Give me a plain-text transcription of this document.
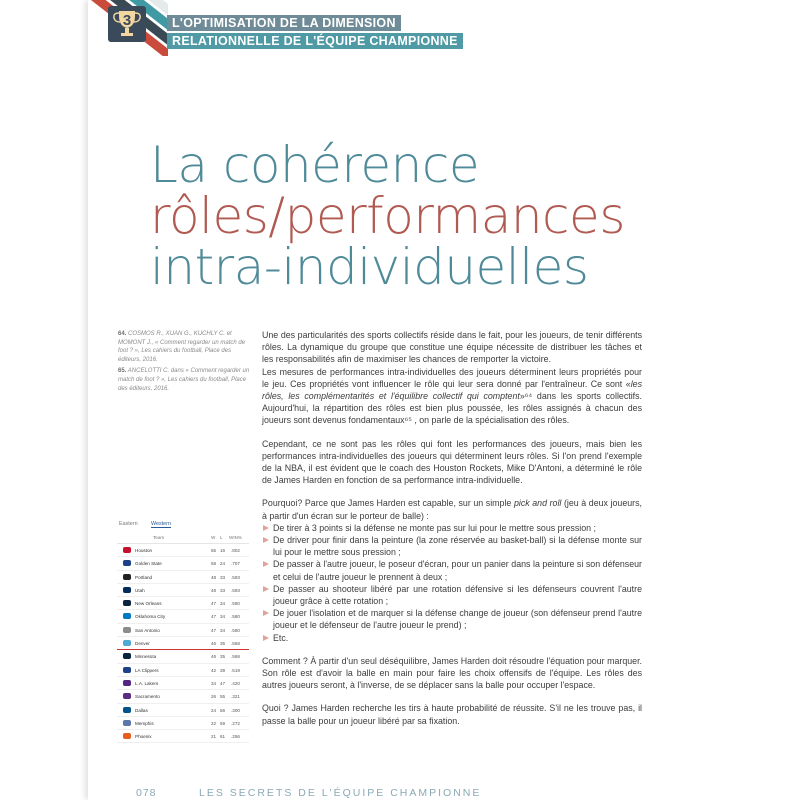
3	L'OPTIMISATION DE LA DIMENSION
RELATIONNELLE DE L'ÉQUIPE CHAMPIONNE
La cohérence
rôles/performances
intra-individuelles

64. COSMOS R., XUAN G., KUCHLY C. et MOMONT J., « Comment regarder un match de foot ? », Les cahiers du football, Place des éditeurs, 2016.

65. ANCELOTTI C. dans « Comment regarder un match de foot ? », Les cahiers du football, Place des éditeurs, 2016.

Une des particularités des sports collectifs réside dans le fait, pour les joueurs, de tenir différents rôles. La dynamique du groupe que constitue une équipe nécessite de distribuer les tâches et les responsabilités afin de maximiser les chances de remporter la victoire.

Les mesures de performances intra-individuelles des joueurs déterminent leurs propriétés pour le jeu. Ces propriétés vont influencer le rôle qui leur sera donné par l'entraîneur. Ce sont «les rôles, les complémentarités et l'équilibre collectif qui comptent»⁶⁴ dans les sports collectifs. Aujourd'hui, la répartition des rôles est bien plus poussée, les rôles assignés à chacun des joueurs sont devenus fondamentaux⁶⁵ , on parle de la spécialisation des rôles.

Cependant, ce ne sont pas les rôles qui font les performances des joueurs, mais bien les performances intra-individuelles des joueurs qui déterminent leurs rôles. Si l'on prend l'exemple de la NBA, il est évident que le coach des Houston Rockets, Mike D'Antoni, a déterminé le rôle de James Harden en fonction de sa performance intra-individuelle.

Pourquoi? Parce que James Harden est capable, sur un simple pick and roll (jeu à deux joueurs, à partir d'un écran sur le porteur de balle) :

De tirer à 3 points si la défense ne monte pas sur lui pour le mettre sous pression ;
De driver pour finir dans la peinture (la zone réservée au basket-ball) si la défense monte sur lui pour le mettre sous pression ;
De passer à l'autre joueur, le poseur d'écran, pour un panier dans la peinture si son défenseur et celui de l'autre joueur le prennent à deux ;
De passer au shooteur libéré par une rotation défensive si les défenseurs couvrent l'autre joueur grâce à cette rotation ;
De jouer l'isolation et de marquer si la défense change de joueur (son défenseur prend l'autre joueur et le défenseur de l'autre joueur le prend) ;
Etc.

Comment ? À partir d'un seul déséquilibre, James Harden doit résoudre l'équation pour marquer. Son rôle est d'avoir la balle en main pour faire les choix offensifs de l'équipe. Les rôles des autres joueurs seront, à l'inverse, de se déplacer sans la balle pour occuper l'espace.

Quoi ? James Harden recherche les tirs à haute probabilité de réussite. S'il ne les trouve pas, il passe la balle pour un joueur libéré par sa fixation.

Eastern Western
Team	W L WIN%
Houston	65 16 .802
Golden State	58 24 .707
Portland	48 33 .593
Utah	48 33 .593
New Orleans	47 34 .580
Oklahoma City	47 34 .580
San Antonio	47 34 .580
Denver	46 35 .568
Minnesota	46 35 .568
LA Clippers	42 39 .519
L.A. Lakers	34 47 .420
Sacramento	26 55 .321
Dallas	24 56 .300
Memphis	22 59 .272
Phoenix	21 61 .256
078	LES SECRETS DE L'ÉQUIPE CHAMPIONNE
